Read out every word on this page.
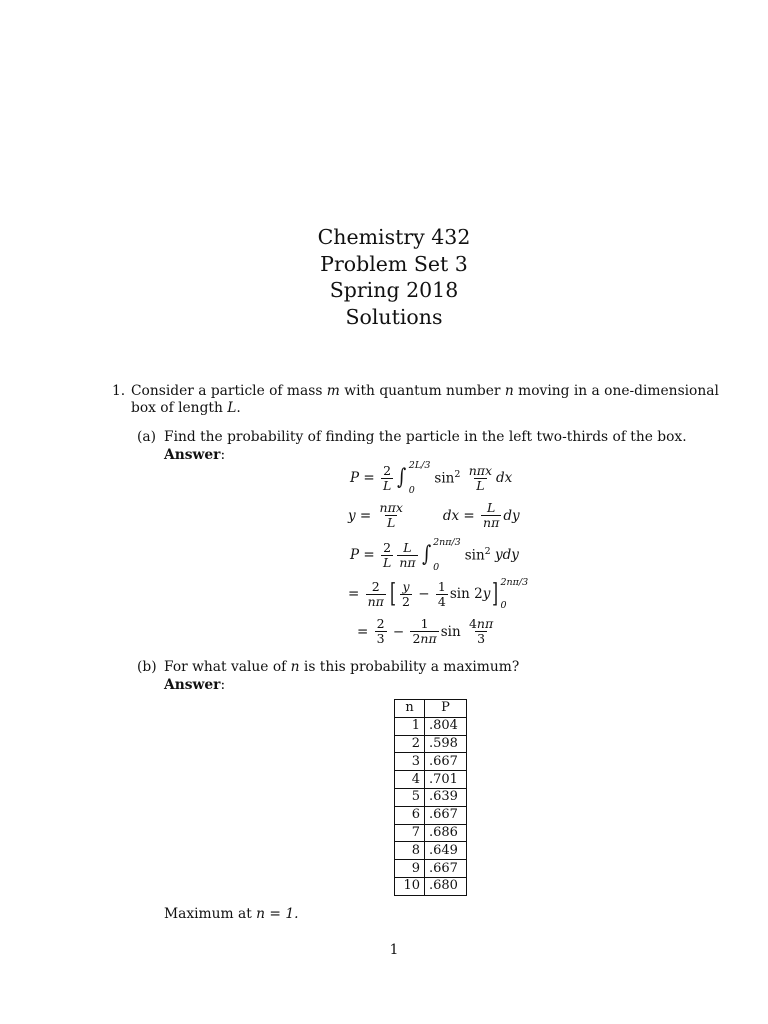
Chemistry 432
Problem Set 3
Spring 2018
Solutions
1. Consider a particle of mass m with quantum number n moving in a one-dimensional
box of length L.
(a) Find the probability of finding the particle in the left two-thirds of the box.
Answer:
$P = \frac{2}{L}$ ∫ 2L/3
0
$\sin^2 \frac{\text{nπx}}{L}$ dx
$y = \frac{\text{nπx}}{L}$	dx = $\frac{L}{n\pi}$ dy
$P = \frac{2}{L} \frac{L}{n\pi}$ ∫ 2nπ/3
0
$\sin^2$ ydy
= $\frac{2}{n\pi}$ [ $\frac{y}{2} - \frac{1}{4}$ sin 2y ] 2nπ/3
0
= $\frac{2}{3} - \frac{1}{2n\pi}$ $\sin \frac{4n\pi}{3}$
(b) For what value of n is this probability a maximum?
Answer:
n	P
1	.804
2	.598
3	.667
4	.701
5	.639
6	.667
7	.686
8	.649
9	.667
10	.680
Maximum at n = 1.
1
